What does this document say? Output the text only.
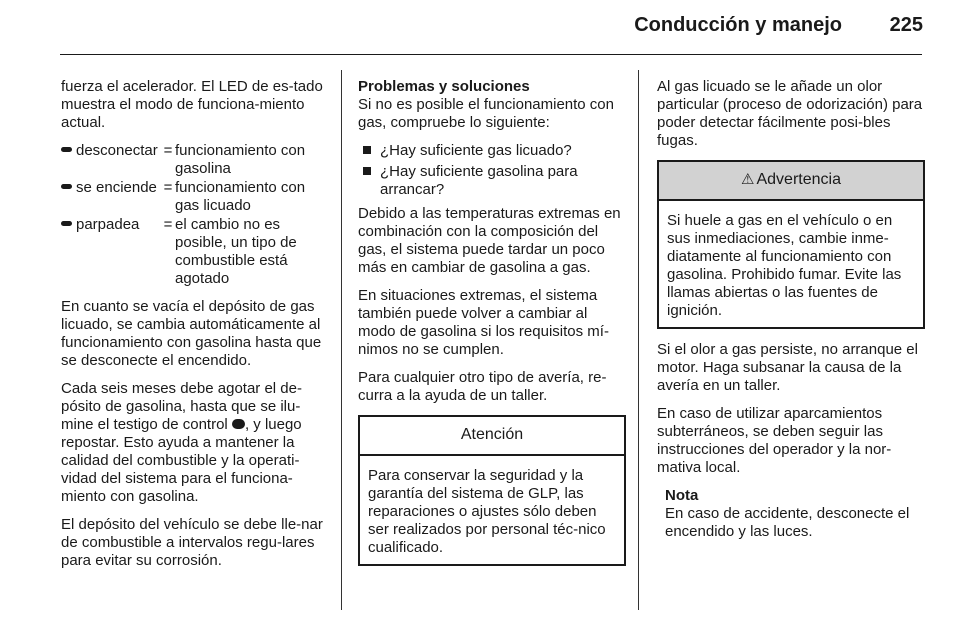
Conducción y manejo 225

fuerza el acelerador. El LED de es-tado muestra el modo de funciona-miento actual.

desconectar = funcionamiento con gasolina
se enciende = funcionamiento con gas licuado
parpadea	= el cambio no es posible, un tipo de combustible está agotado

En cuanto se vacía el depósito de gas licuado, se cambia automáticamente al funcionamiento con gasolina hasta que se desconecte el encendido.

Cada seis meses debe agotar el de-pósito de gasolina, hasta que se ilu-mine el testigo de control , y luego repostar. Esto ayuda a mantener la calidad del combustible y la operati-vidad del sistema para el funciona-miento con gasolina.

El depósito del vehículo se debe lle-nar de combustible a intervalos regu-lares para evitar su corrosión.

Problemas y soluciones

Si no es posible el funcionamiento con gas, compruebe lo siguiente:

¿Hay suficiente gas licuado?
¿Hay suficiente gasolina para arrancar?

Debido a las temperaturas extremas en combinación con la composición del gas, el sistema puede tardar un poco más en cambiar de gasolina a gas.

En situaciones extremas, el sistema también puede volver a cambiar al modo de gasolina si los requisitos mí-nimos no se cumplen.

Para cualquier otro tipo de avería, re-curra a la ayuda de un taller.

Atención
Para conservar la seguridad y la garantía del sistema de GLP, las reparaciones o ajustes sólo deben ser realizados por personal téc-nico cualificado.

Al gas licuado se le añade un olor particular (proceso de odorización) para poder detectar fácilmente posi-bles fugas.

⚠ Advertencia
Si huele a gas en el vehículo o en sus inmediaciones, cambie inme-diatamente al funcionamiento con gasolina. Prohibido fumar. Evite las llamas abiertas o las fuentes de ignición.

Si el olor a gas persiste, no arranque el motor. Haga subsanar la causa de la avería en un taller.

En caso de utilizar aparcamientos subterráneos, se deben seguir las instrucciones del operador y la nor-mativa local.

Nota
En caso de accidente, desconecte el encendido y las luces.
